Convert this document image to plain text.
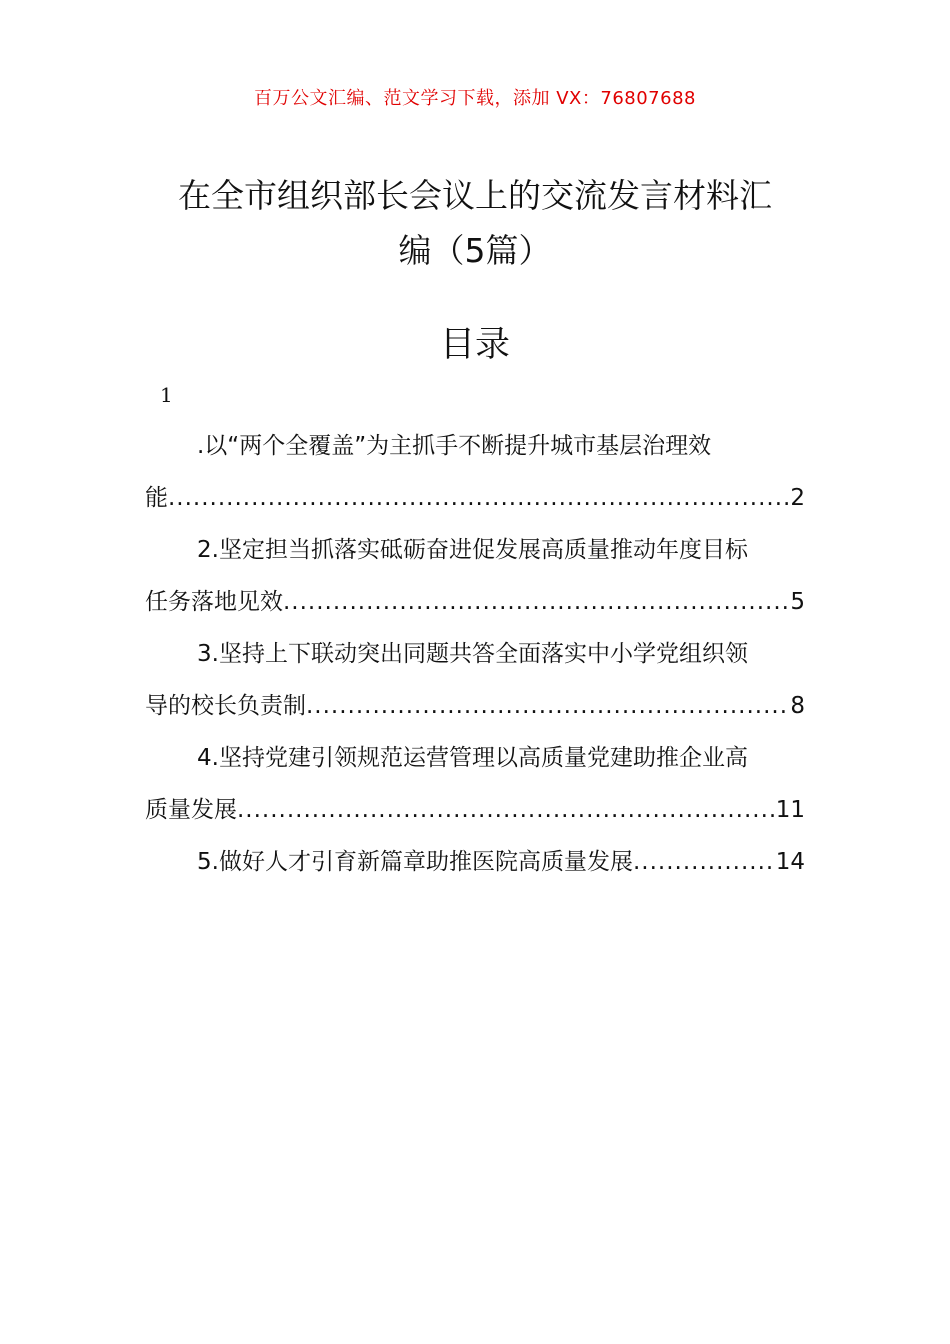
百万公文汇编、范文学习下载，添加 VX：76807688
在全市组织部长会议上的交流发言材料汇
编（5篇）
目录
1
.以“两个全覆盖”为主抓手不断提升城市基层治理效
能 .....	2
2.坚定担当抓落实砥砺奋进促发展高质量推动年度目标
任务落地见效 .....	5
3.坚持上下联动突出同题共答全面落实中小学党组织领
导的校长负责制 .....	8
4.坚持党建引领规范运营管理以高质量党建助推企业高
质量发展 .....	11
5.做好人才引育新篇章助推医院高质量发展 .....	14
